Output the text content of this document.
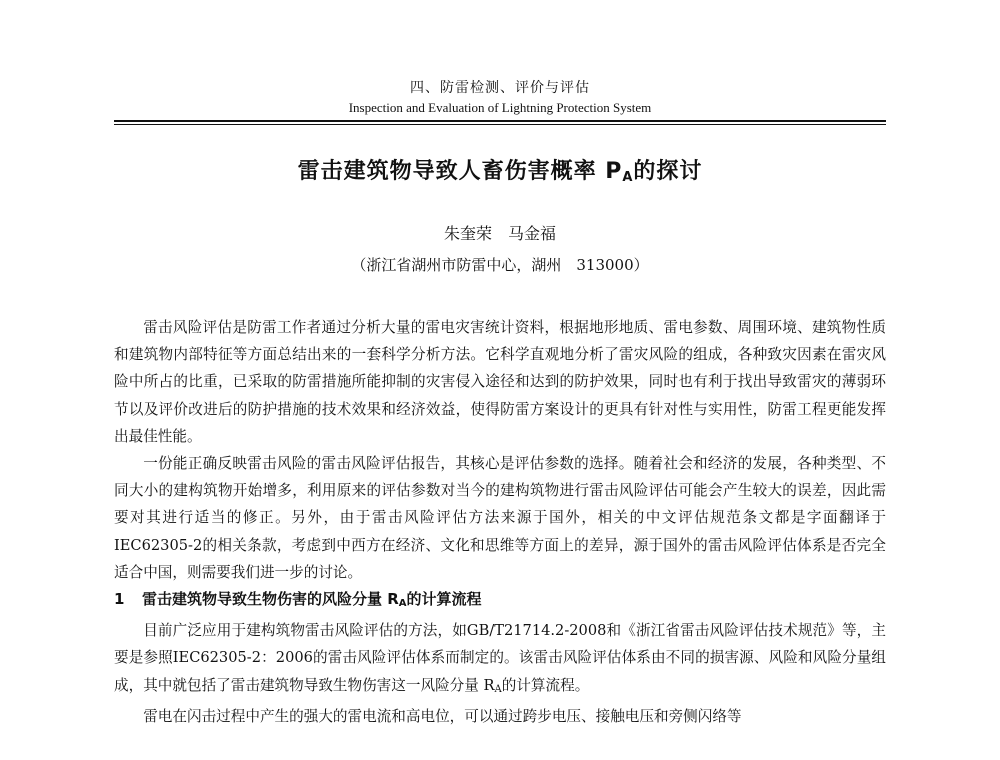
四、防雷检测、评价与评估
Inspection and Evaluation of Lightning Protection System
雷击建筑物导致人畜伤害概率 $P_A$的探讨
朱奎荣　马金福
（浙江省湖州市防雷中心，湖州　313000）

雷击风险评估是防雷工作者通过分析大量的雷电灾害统计资料，根据地形地质、雷电参数、周围环境、建筑物性质和建筑物内部特征等方面总结出来的一套科学分析方法。它科学直观地分析了雷灾风险的组成，各种致灾因素在雷灾风险中所占的比重，已采取的防雷措施所能抑制的灾害侵入途径和达到的防护效果，同时也有利于找出导致雷灾的薄弱环节以及评价改进后的防护措施的技术效果和经济效益，使得防雷方案设计的更具有针对性与实用性，防雷工程更能发挥出最佳性能。

一份能正确反映雷击风险的雷击风险评估报告，其核心是评估参数的选择。随着社会和经济的发展，各种类型、不同大小的建构筑物开始增多，利用原来的评估参数对当今的建构筑物进行雷击风险评估可能会产生较大的误差，因此需要对其进行适当的修正。另外，由于雷击风险评估方法来源于国外，相关的中文评估规范条文都是字面翻译于IEC62305-2的相关条款，考虑到中西方在经济、文化和思维等方面上的差异，源于国外的雷击风险评估体系是否完全适合中国，则需要我们进一步的讨论。

1 雷击建筑物导致生物伤害的风险分量 $R_A$的计算流程

目前广泛应用于建构筑物雷击风险评估的方法，如GB/T21714.2-2008和《浙江省雷击风险评估技术规范》等，主要是参照IEC62305-2：2006的雷击风险评估体系而制定的。该雷击风险评估体系由不同的损害源、风险和风险分量组成，其中就包括了雷击建筑物导致生物伤害这一风险分量 $R_A$的计算流程。

雷电在闪击过程中产生的强大的雷电流和高电位，可以通过跨步电压、接触电压和旁侧闪络等
